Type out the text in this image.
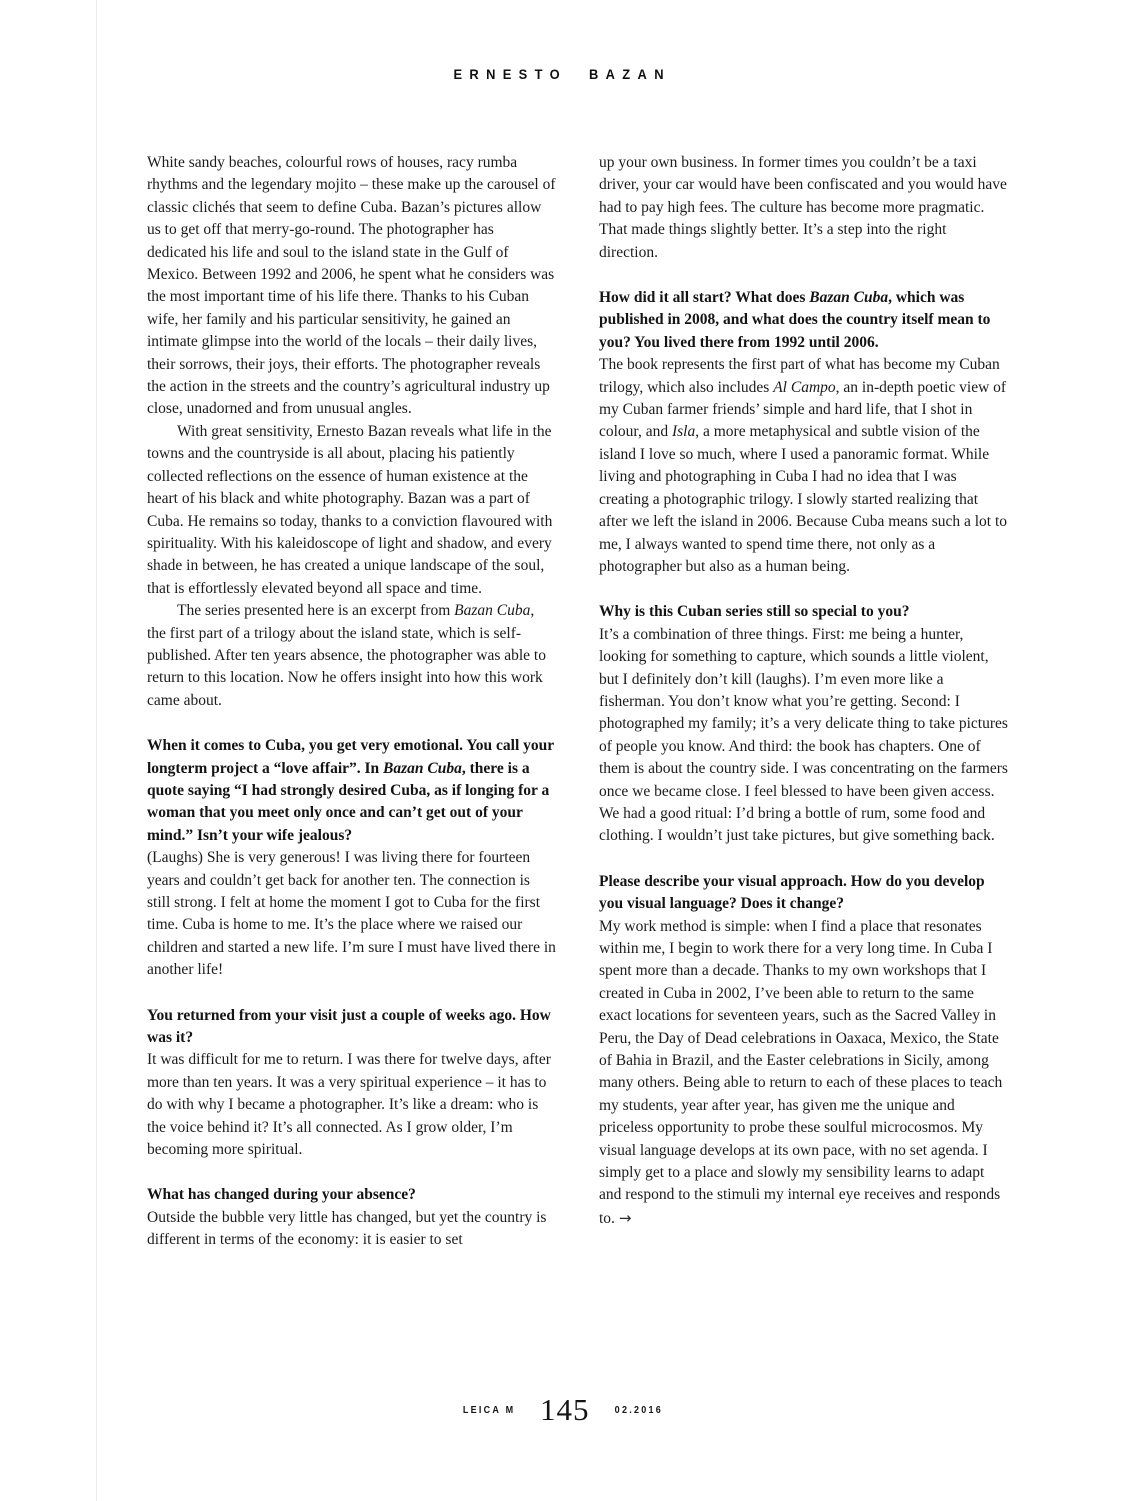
ERNESTO BAZAN

White sandy beaches, colourful rows of houses, racy rumba rhythms and the legendary mojito – these make up the carousel of classic clichés that seem to define Cuba. Bazan’s pictures allow us to get off that merry-go-round. The photographer has dedicated his life and soul to the island state in the Gulf of Mexico. Between 1992 and 2006, he spent what he considers was the most important time of his life there. Thanks to his Cuban wife, her family and his particular sensitivity, he gained an intimate glimpse into the world of the locals – their daily lives, their sorrows, their joys, their efforts. The photographer reveals the action in the streets and the country’s agricultural industry up close, unadorned and from unusual angles.

With great sensitivity, Ernesto Bazan reveals what life in the towns and the countryside is all about, placing his patiently collected reflections on the essence of human existence at the heart of his black and white photography. Bazan was a part of Cuba. He remains so today, thanks to a conviction flavoured with spirituality. With his kaleidoscope of light and shadow, and every shade in between, he has created a unique landscape of the soul, that is effortlessly elevated beyond all space and time.

The series presented here is an excerpt from Bazan Cuba, the first part of a trilogy about the island state, which is self-published. After ten years absence, the photographer was able to return to this location. Now he offers insight into how this work came about.

When it comes to Cuba, you get very emotional. You call your longterm project a “love affair”. In Bazan Cuba, there is a quote saying “I had strongly desired Cuba, as if longing for a woman that you meet only once and can’t get out of your mind.” Isn’t your wife jealous?

(Laughs) She is very generous! I was living there for fourteen years and couldn’t get back for another ten. The connection is still strong. I felt at home the moment I got to Cuba for the first time. Cuba is home to me. It’s the place where we raised our children and started a new life. I’m sure I must have lived there in another life!

You returned from your visit just a couple of weeks ago. How was it?

It was difficult for me to return. I was there for twelve days, after more than ten years. It was a very spiritual experience – it has to do with why I became a photographer. It’s like a dream: who is the voice behind it? It’s all connected. As I grow older, I’m becoming more spiritual.

What has changed during your absence?

Outside the bubble very little has changed, but yet the country is different in terms of the economy: it is easier to set

up your own business. In former times you couldn’t be a taxi driver, your car would have been confiscated and you would have had to pay high fees. The culture has become more pragmatic. That made things slightly better. It’s a step into the right direction.

How did it all start? What does Bazan Cuba, which was published in 2008, and what does the country itself mean to you? You lived there from 1992 until 2006.

The book represents the first part of what has become my Cuban trilogy, which also includes Al Campo, an in-depth poetic view of my Cuban farmer friends’ simple and hard life, that I shot in colour, and Isla, a more metaphysical and subtle vision of the island I love so much, where I used a panoramic format. While living and photographing in Cuba I had no idea that I was creating a photographic trilogy. I slowly started realizing that after we left the island in 2006. Because Cuba means such a lot to me, I always wanted to spend time there, not only as a photographer but also as a human being.

Why is this Cuban series still so special to you?

It’s a combination of three things. First: me being a hunter, looking for something to capture, which sounds a little violent, but I definitely don’t kill (laughs). I’m even more like a fisherman. You don’t know what you’re getting. Second: I photographed my family; it’s a very delicate thing to take pictures of people you know. And third: the book has chapters. One of them is about the country side. I was concentrating on the farmers once we became close. I feel blessed to have been given access. We had a good ritual: I’d bring a bottle of rum, some food and clothing. I wouldn’t just take pictures, but give something back.

Please describe your visual approach. How do you develop you visual language? Does it change?

My work method is simple: when I find a place that resonates within me, I begin to work there for a very long time. In Cuba I spent more than a decade. Thanks to my own workshops that I created in Cuba in 2002, I’ve been able to return to the same exact locations for seventeen years, such as the Sacred Valley in Peru, the Day of Dead celebrations in Oaxaca, Mexico, the State of Bahia in Brazil, and the Easter celebrations in Sicily, among many others. Being able to return to each of these places to teach my students, year after year, has given me the unique and priceless opportunity to probe these soulful microcosmos. My visual language develops at its own pace, with no set agenda. I simply get to a place and slowly my sensibility learns to adapt and respond to the stimuli my internal eye receives and responds to. →

LEICA M 145 02.2016
